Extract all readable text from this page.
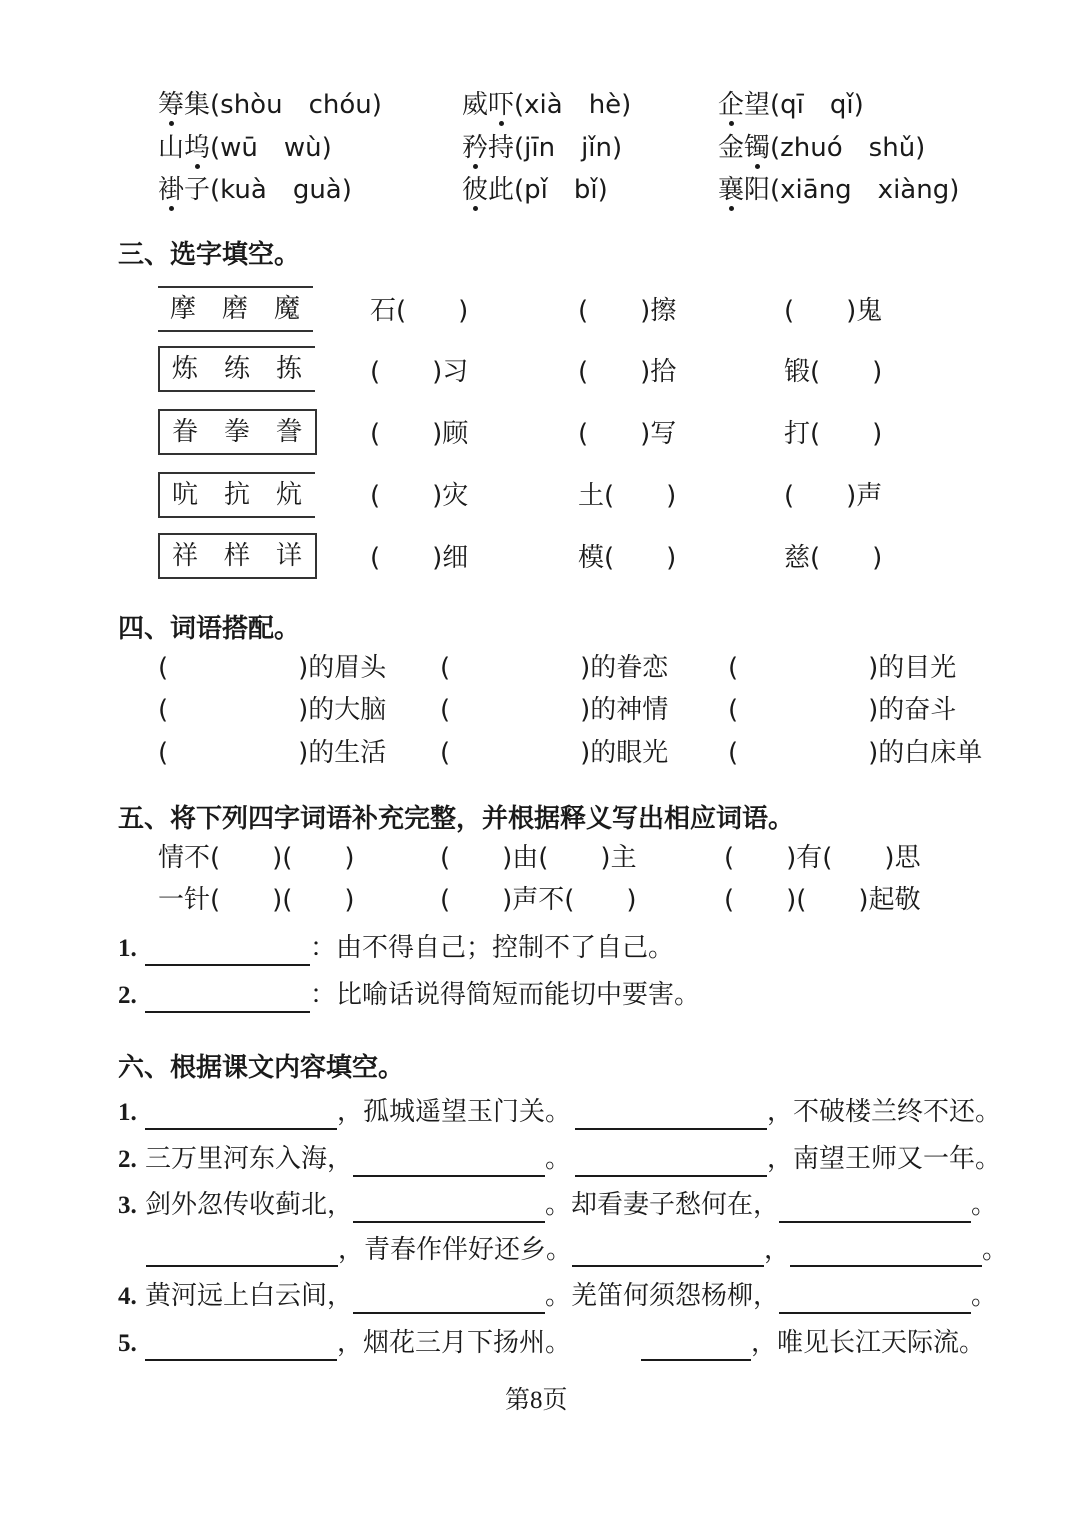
筹集(shòu　chóu)	威吓(xià　hè)	企望(qī　qǐ)
山坞(wū　wù)	矜持(jīn　jǐn)	金镯(zhuó　shǔ)
褂子(kuà　guà)	彼此(pǐ　bǐ)	襄阳(xiāng　xiàng)
三、选字填空。
摩 磨 魔	石(　　)	(　　)擦	(　　)鬼
炼 练 拣	(　　)习	(　　)拾	锻(　　)
眷 拳 誊	(　　)顾	(　　)写	打(　　)
吭 抗 炕	(　　)灾	土(　　)	(　　)声
祥 样 详	(　　)细	模(　　)	慈(　　)
四、词语搭配。
(　　　　　)的眉头 (　　　　　)的眷恋 (　　　　　)的目光
(　　　　　)的大脑 (　　　　　)的神情 (　　　　　)的奋斗
(　　　　　)的生活 (　　　　　)的眼光 (　　　　　)的白床单
五、将下列四字词语补充完整，并根据释义写出相应词语。
情不(　　)(　　)	(　　)由(　　)主	(　　)有(　　)思
一针(　　)(　　)	(　　)声不(　　)	(　　)(　　)起敬
1.	：由不得自己；控制不了自己。
2.	：比喻话说得简短而能切中要害。
六、根据课文内容填空。
1.	，孤城遥望玉门关。	，不破楼兰终不还。
2. 三万里河东入海，	。	，南望王师又一年。
3. 剑外忽传收蓟北，	。却看妻子愁何在，	。
，青春作伴好还乡。	，	。
4. 黄河远上白云间，	。羌笛何须怨杨柳，	。
5.	，烟花三月下扬州。	，唯见长江天际流。
第8页
